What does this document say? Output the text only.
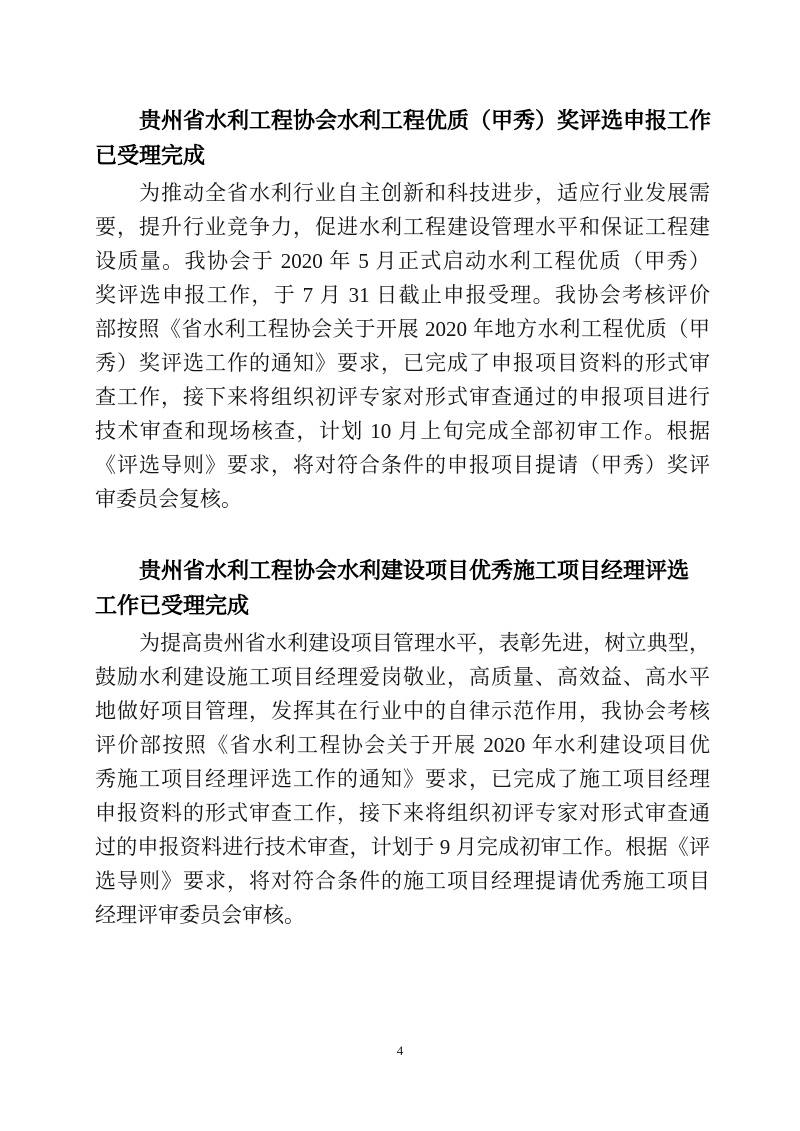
贵州省水利工程协会水利工程优质（甲秀）奖评选申报工作
已受理完成
为推动全省水利行业自主创新和科技进步，适应行业发展需
要，提升行业竞争力，促进水利工程建设管理水平和保证工程建
设质量。我协会于 2020 年 5 月正式启动水利工程优质（甲秀）
奖评选申报工作，于 7 月 31 日截止申报受理。我协会考核评价
部按照《省水利工程协会关于开展 2020 年地方水利工程优质（甲
秀）奖评选工作的通知》要求，已完成了申报项目资料的形式审
查工作，接下来将组织初评专家对形式审查通过的申报项目进行
技术审查和现场核查，计划 10 月上旬完成全部初审工作。根据
《评选导则》要求，将对符合条件的申报项目提请（甲秀）奖评
审委员会复核。
贵州省水利工程协会水利建设项目优秀施工项目经理评选
工作已受理完成
为提高贵州省水利建设项目管理水平，表彰先进，树立典型，
鼓励水利建设施工项目经理爱岗敬业，高质量、高效益、高水平
地做好项目管理，发挥其在行业中的自律示范作用，我协会考核
评价部按照《省水利工程协会关于开展 2020 年水利建设项目优
秀施工项目经理评选工作的通知》要求，已完成了施工项目经理
申报资料的形式审查工作，接下来将组织初评专家对形式审查通
过的申报资料进行技术审查，计划于 9 月完成初审工作。根据《评
选导则》要求，将对符合条件的施工项目经理提请优秀施工项目
经理评审委员会审核。
4
